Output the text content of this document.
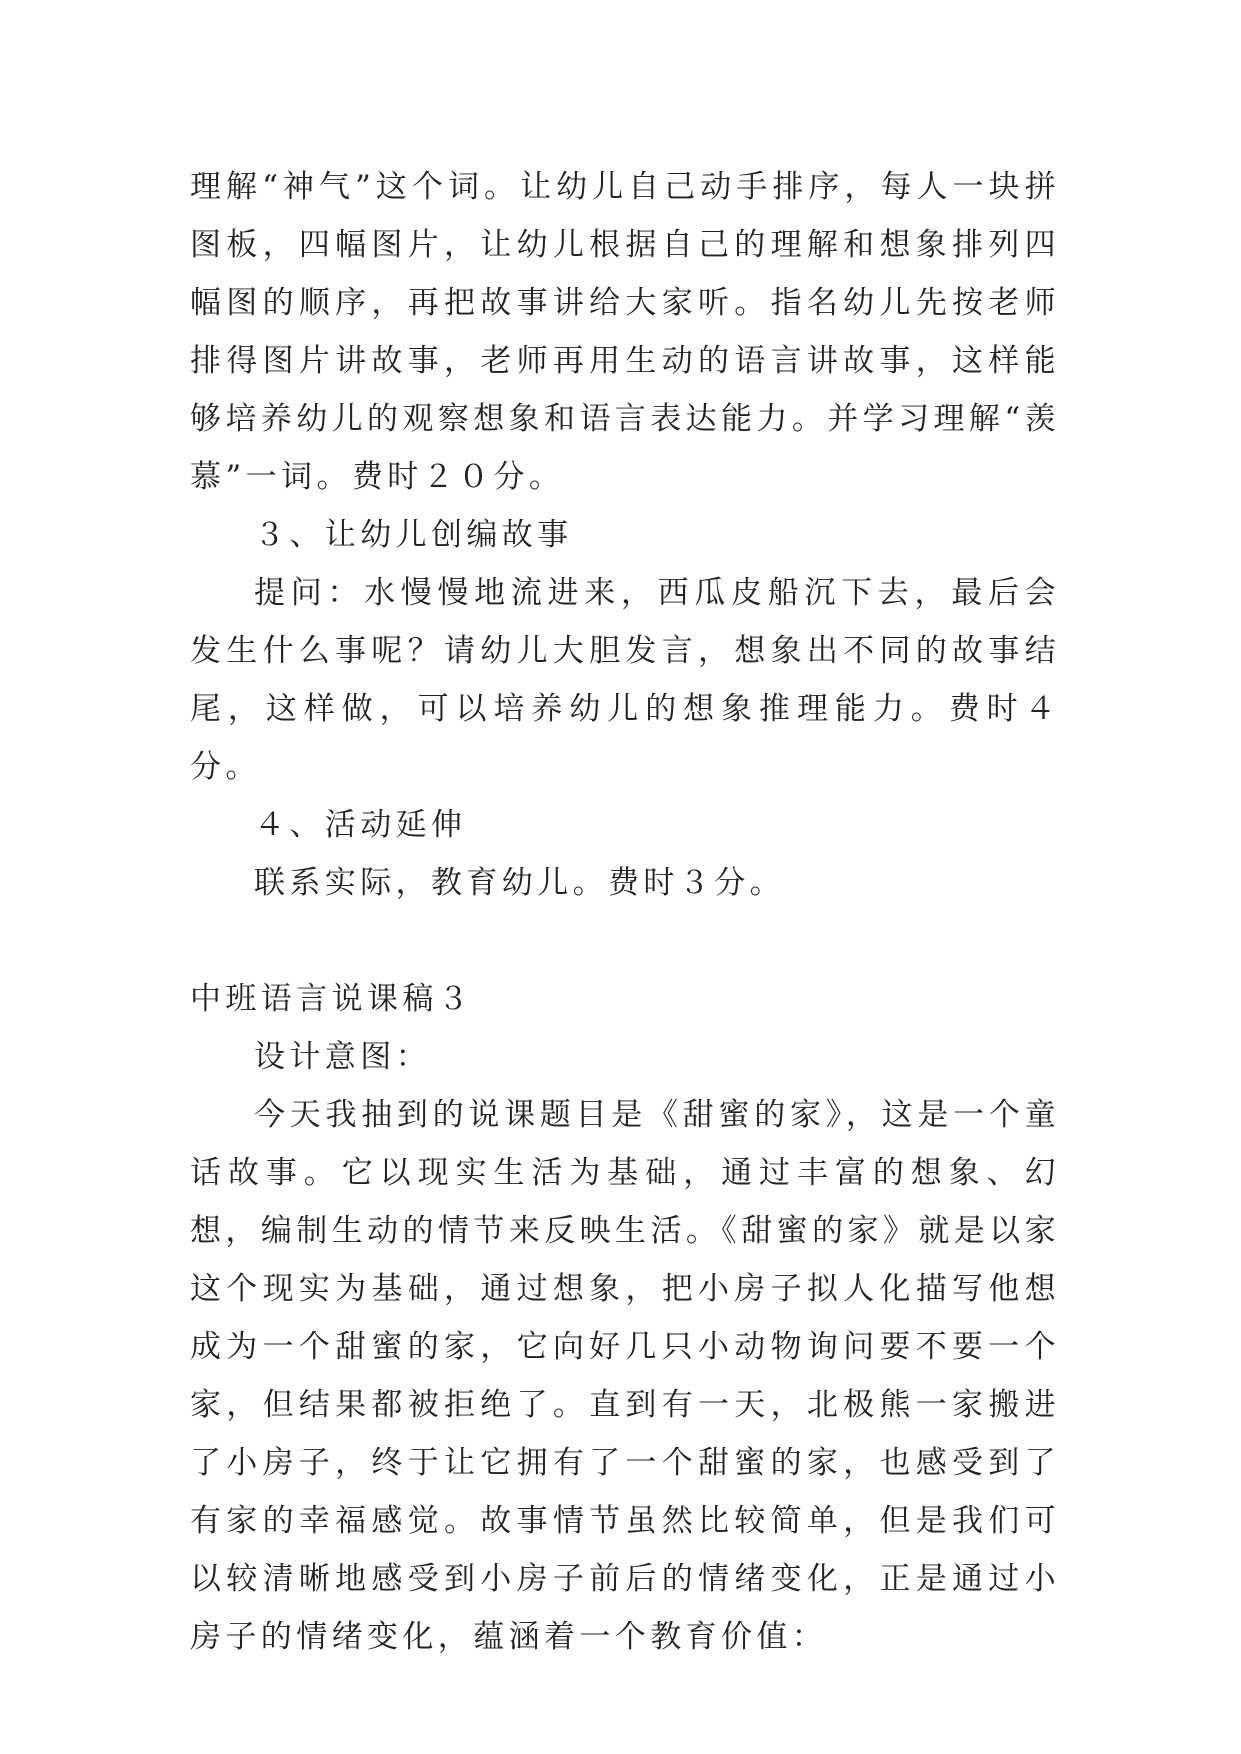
理解“神气”这个词。让幼儿自己动手排序，每人一块拼图板，四幅图片，让幼儿根据自己的理解和想象排列四幅图的顺序，再把故事讲给大家听。指名幼儿先按老师排得图片讲故事，老师再用生动的语言讲故事，这样能够培养幼儿的观察想象和语言表达能力。并学习理解“羡慕”一词。费时２０分。

３、让幼儿创编故事

提问：水慢慢地流进来，西瓜皮船沉下去，最后会发生什么事呢？请幼儿大胆发言，想象出不同的故事结尾，这样做，可以培养幼儿的想象推理能力。费时４分。

４、活动延伸

联系实际，教育幼儿。费时３分。

中班语言说课稿３

设计意图：

今天我抽到的说课题目是《甜蜜的家》，这是一个童话故事。它以现实生活为基础，通过丰富的想象、幻想，编制生动的情节来反映生活。《甜蜜的家》就是以家这个现实为基础，通过想象，把小房子拟人化描写他想成为一个甜蜜的家，它向好几只小动物询问要不要一个家，但结果都被拒绝了。直到有一天，北极熊一家搬进了小房子，终于让它拥有了一个甜蜜的家，也感受到了有家的幸福感觉。故事情节虽然比较简单，但是我们可以较清晰地感受到小房子前后的情绪变化，正是通过小房子的情绪变化，蕴涵着一个教育价值：
